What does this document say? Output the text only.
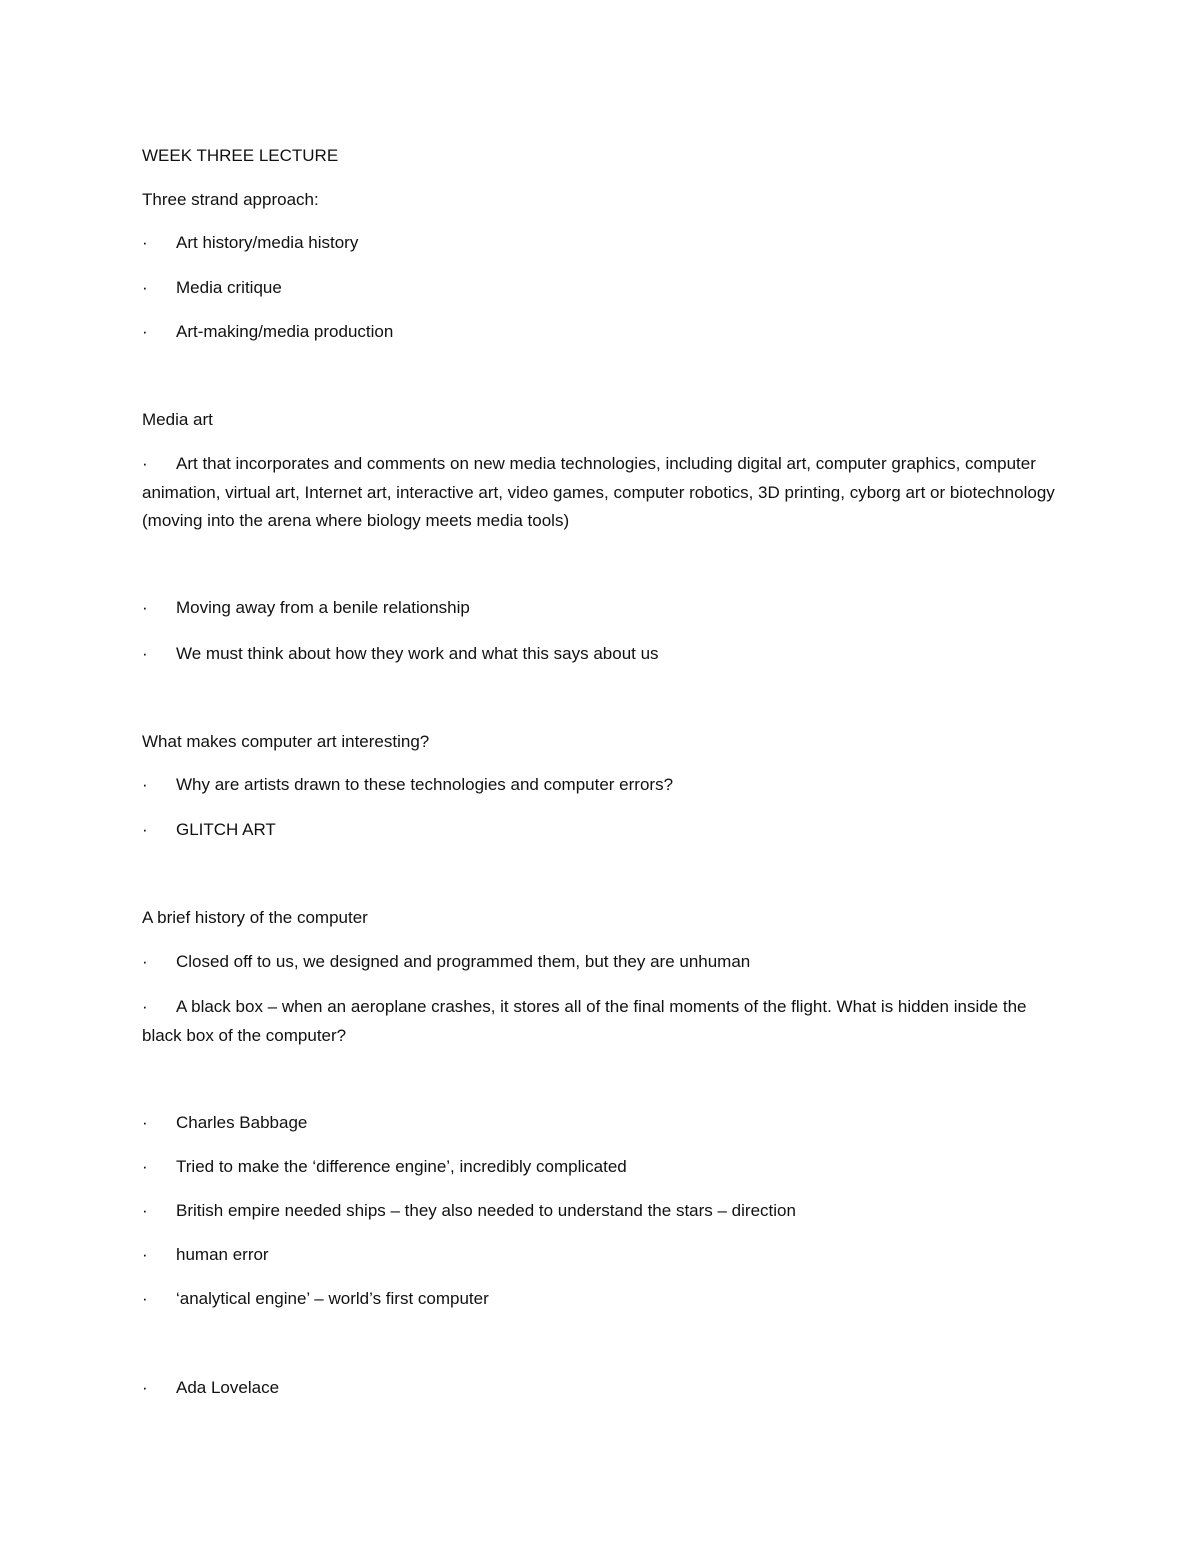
WEEK THREE LECTURE
Three strand approach:
·	Art history/media history
·	Media critique
·	Art-making/media production
Media art
· Art that incorporates and comments on new media technologies, including digital art, computer graphics, computer animation, virtual art, Internet art, interactive art, video games, computer robotics, 3D printing, cyborg art or biotechnology (moving into the arena where biology meets media tools)
·	Moving away from a benile relationship
·	We must think about how they work and what this says about us
What makes computer art interesting?
·	Why are artists drawn to these technologies and computer errors?
·	GLITCH ART
A brief history of the computer
·	Closed off to us, we designed and programmed them, but they are unhuman
· A black box – when an aeroplane crashes, it stores all of the final moments of the flight. What is hidden inside the black box of the computer?
·	Charles Babbage
·	Tried to make the ‘difference engine’, incredibly complicated
·	British empire needed ships – they also needed to understand the stars – direction
·	human error
·	‘analytical engine’ – world’s first computer
·	Ada Lovelace
